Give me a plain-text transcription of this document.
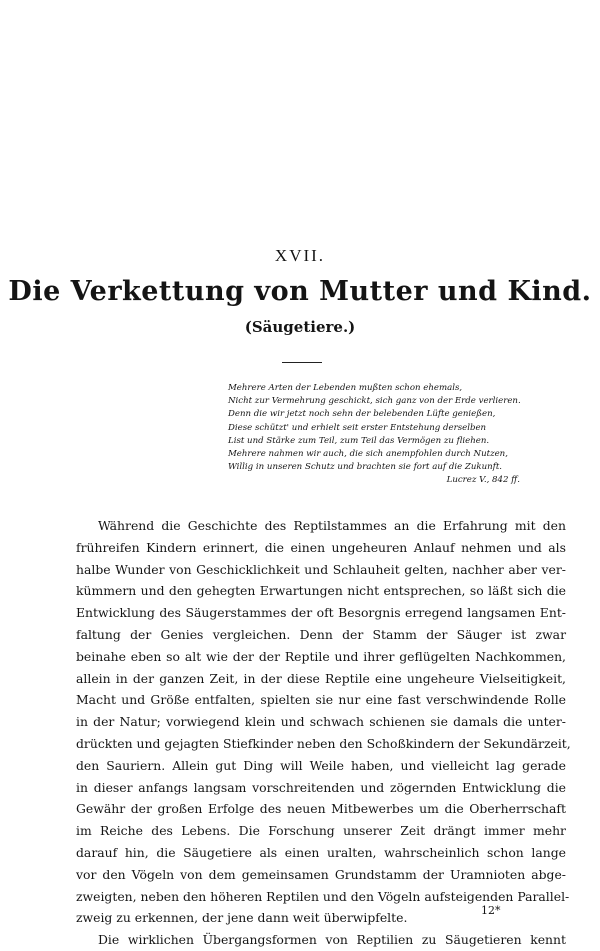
XVII.
Die Verkettung von Mutter und Kind.
(Säugetiere.)
Mehrere Arten der Lebenden mußten schon ehemals,
Nicht zur Vermehrung geschickt, sich ganz von der Erde verlieren.
Denn die wir jetzt noch sehn der belebenden Lüfte genießen,
Diese schützt' und erhielt seit erster Entstehung derselben
List und Stärke zum Teil, zum Teil das Vermögen zu fliehen.
Mehrere nahmen wir auch, die sich anempfohlen durch Nutzen,
Willig in unseren Schutz und brachten sie fort auf die Zukunft.
Lucrez V., 842 ff.
Während die Geschichte des Reptilstammes an die Erfahrung mit den
frühreifen Kindern erinnert, die einen ungeheuren Anlauf nehmen und als
halbe Wunder von Geschicklichkeit und Schlauheit gelten, nachher aber ver-
kümmern und den gehegten Erwartungen nicht entsprechen, so läßt sich die
Entwicklung des Säugerstammes der oft Besorgnis erregend langsamen Ent-
faltung der Genies vergleichen. Denn der Stamm der Säuger ist zwar
beinahe eben so alt wie der der Reptile und ihrer geflügelten Nachkommen,
allein in der ganzen Zeit, in der diese Reptile eine ungeheure Vielseitigkeit,
Macht und Größe entfalten, spielten sie nur eine fast verschwindende Rolle
in der Natur; vorwiegend klein und schwach schienen sie damals die unter-
drückten und gejagten Stiefkinder neben den Schoßkindern der Sekundärzeit,
den Sauriern. Allein gut Ding will Weile haben, und vielleicht lag gerade
in dieser anfangs langsam vorschreitenden und zögernden Entwicklung die
Gewähr der großen Erfolge des neuen Mitbewerbes um die Oberherrschaft
im Reiche des Lebens. Die Forschung unserer Zeit drängt immer mehr
darauf hin, die Säugetiere als einen uralten, wahrscheinlich schon lange
vor den Vögeln von dem gemeinsamen Grundstamm der Uramnioten abge-
zweigten, neben den höheren Reptilen und den Vögeln aufsteigenden Parallel-
zweig zu erkennen, der jene dann weit überwipfelte.
Die wirklichen Übergangsformen von Reptilien zu Säugetieren kennt
12*
